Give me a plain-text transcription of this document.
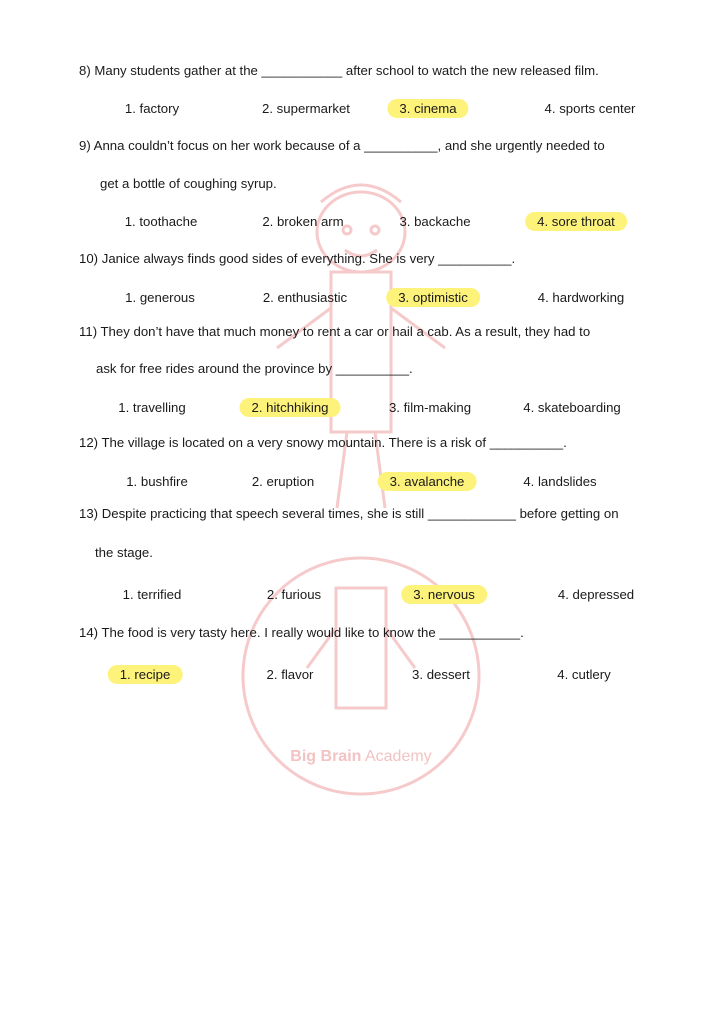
Big Brain Academy
8) Many students gather at the ___________ after school to watch the new released film.
1. factory	2. supermarket	3. cinema	4. sports center
9) Anna couldn’t focus on her work because of a __________, and she urgently needed to
get a bottle of coughing syrup.
1. toothache	2. broken arm	3. backache	4. sore throat
10) Janice always finds good sides of everything. She is very __________.
1. generous	2. enthusiastic	3. optimistic	4. hardworking
11) They don’t have that much money to rent a car or hail a cab. As a result, they had to
ask for free rides around the province by __________.
1. travelling	2. hitchhiking	3. film-making	4. skateboarding
12) The village is located on a very snowy mountain. There is a risk of __________.
1. bushfire	2. eruption	3. avalanche	4. landslides
13) Despite practicing that speech several times, she is still ____________ before getting on
the stage.
1. terrified	2. furious	3. nervous	4. depressed
14) The food is very tasty here. I really would like to know the ___________.
1. recipe	2. flavor	3. dessert	4. cutlery
